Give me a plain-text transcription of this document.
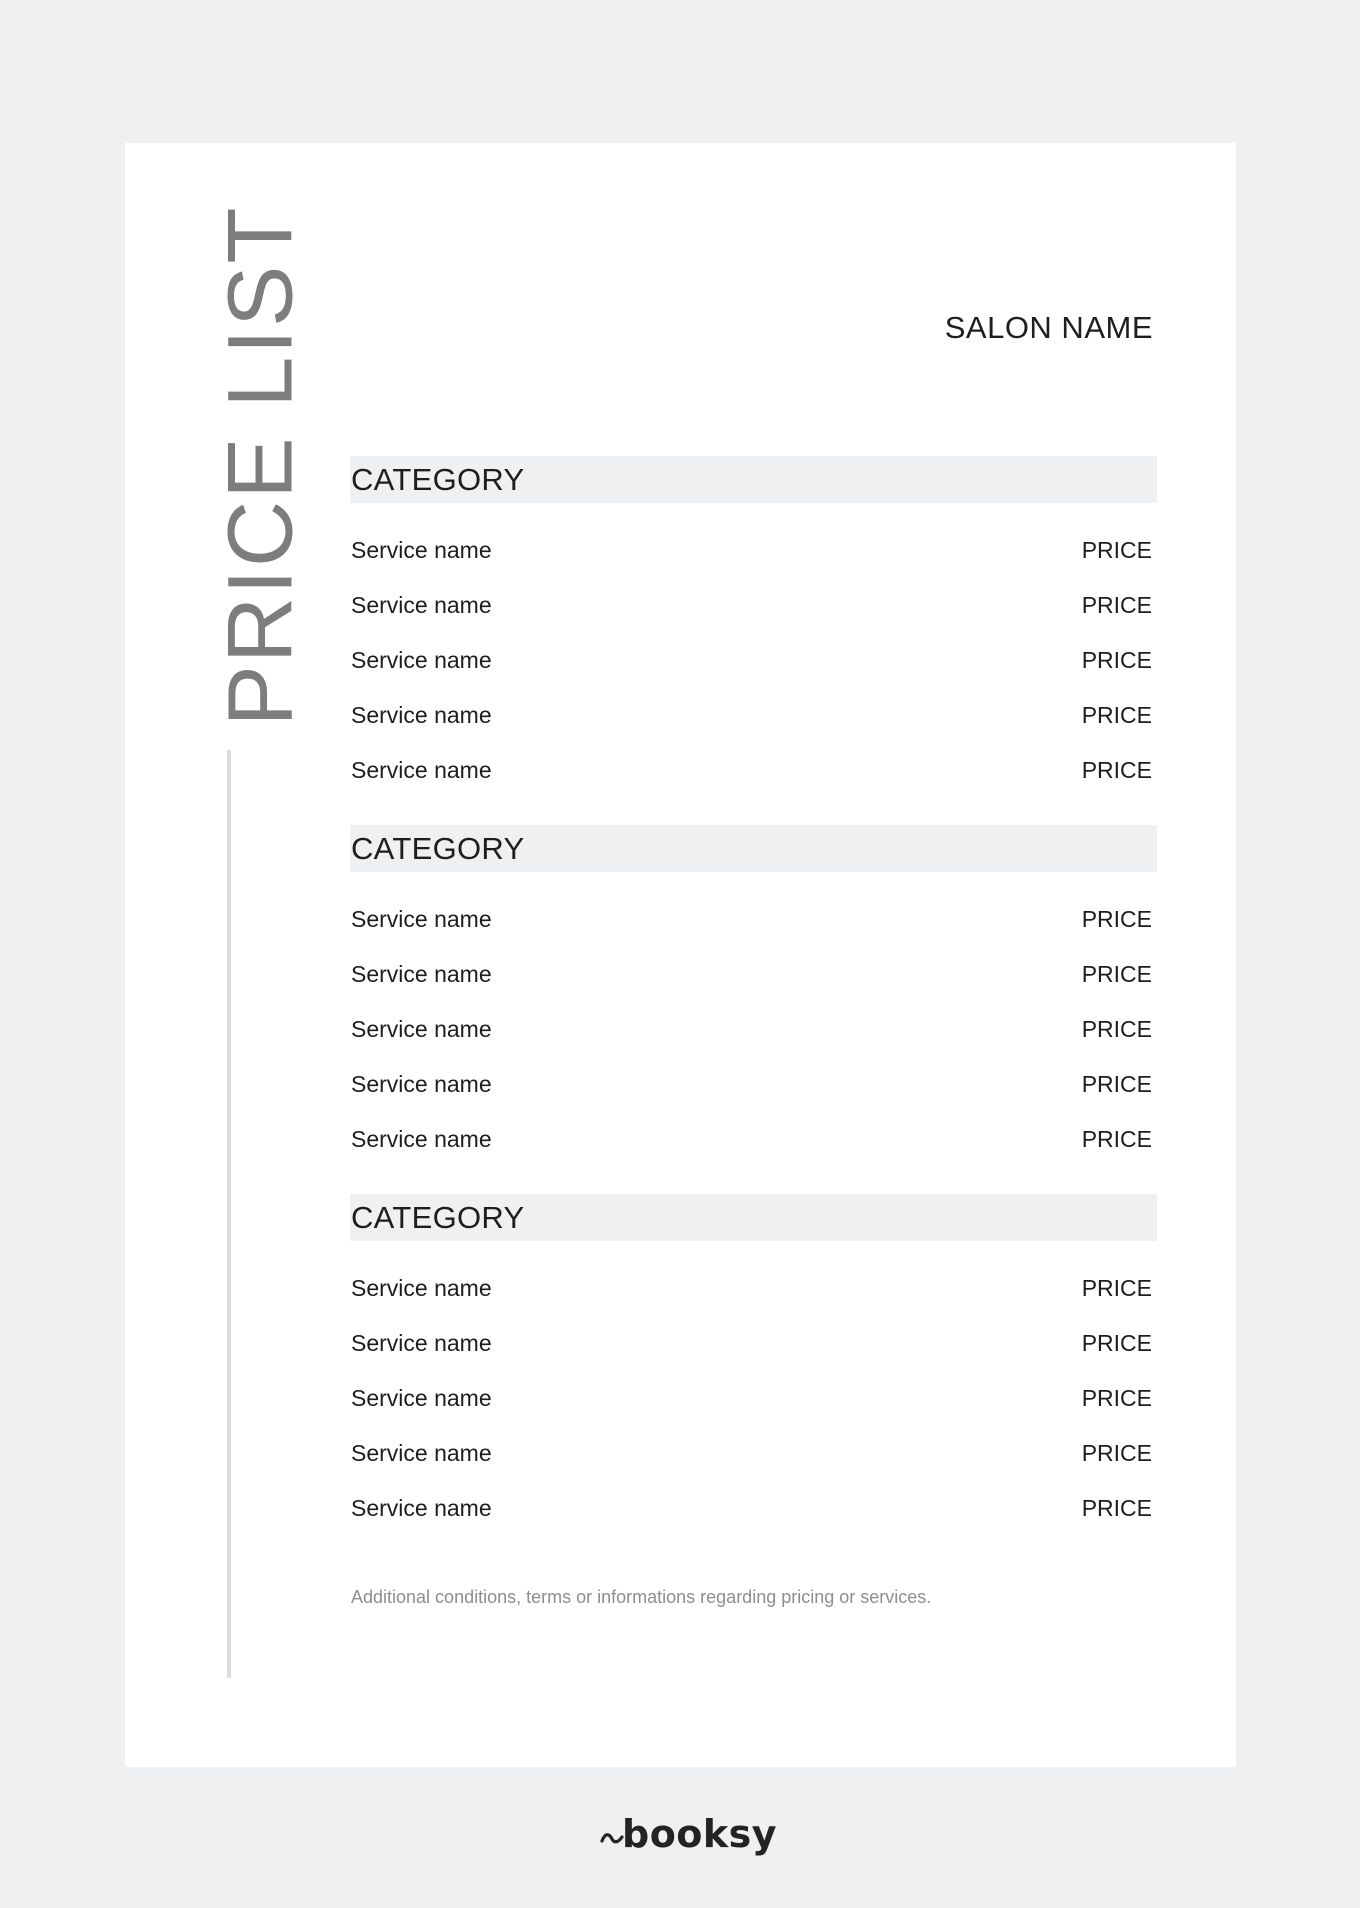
PRICE LIST	SALON NAME
CATEGORY
Service name	PRICE
Service name	PRICE
Service name	PRICE
Service name	PRICE
Service name	PRICE
CATEGORY
Service name	PRICE
Service name	PRICE
Service name	PRICE
Service name	PRICE
Service name	PRICE
CATEGORY
Service name	PRICE
Service name	PRICE
Service name	PRICE
Service name	PRICE
Service name	PRICE
Additional conditions, terms or informations regarding pricing or services.
booksy
